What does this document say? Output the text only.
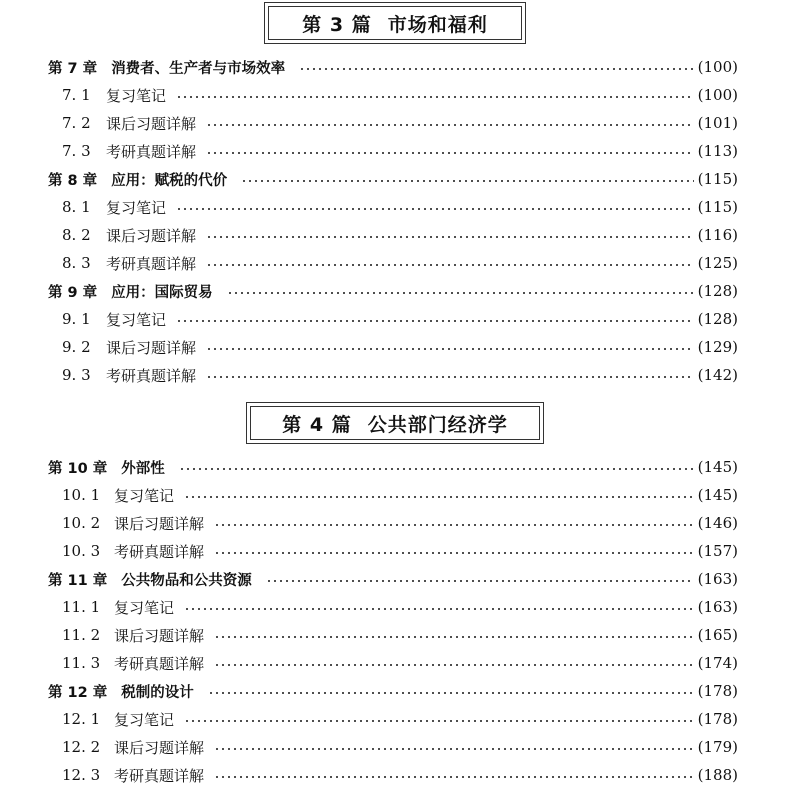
第 3 篇 市场和福利
第 7 章 消费者、生产者与市场效率	(100)
7. 1	复习笔记	(100)
7. 2	课后习题详解	(101)
7. 3	考研真题详解	(113)
第 8 章 应用：赋税的代价	(115)
8. 1	复习笔记	(115)
8. 2	课后习题详解	(116)
8. 3	考研真题详解	(125)
第 9 章 应用：国际贸易	(128)
9. 1	复习笔记	(128)
9. 2	课后习题详解	(129)
9. 3	考研真题详解	(142)
第 4 篇 公共部门经济学
第 10 章 外部性	(145)
10. 1 复习笔记	(145)
10. 2 课后习题详解	(146)
10. 3 考研真题详解	(157)
第 11 章 公共物品和公共资源	(163)
11. 1 复习笔记	(163)
11. 2 课后习题详解	(165)
11. 3 考研真题详解	(174)
第 12 章 税制的设计	(178)
12. 1 复习笔记	(178)
12. 2 课后习题详解	(179)
12. 3 考研真题详解	(188)
